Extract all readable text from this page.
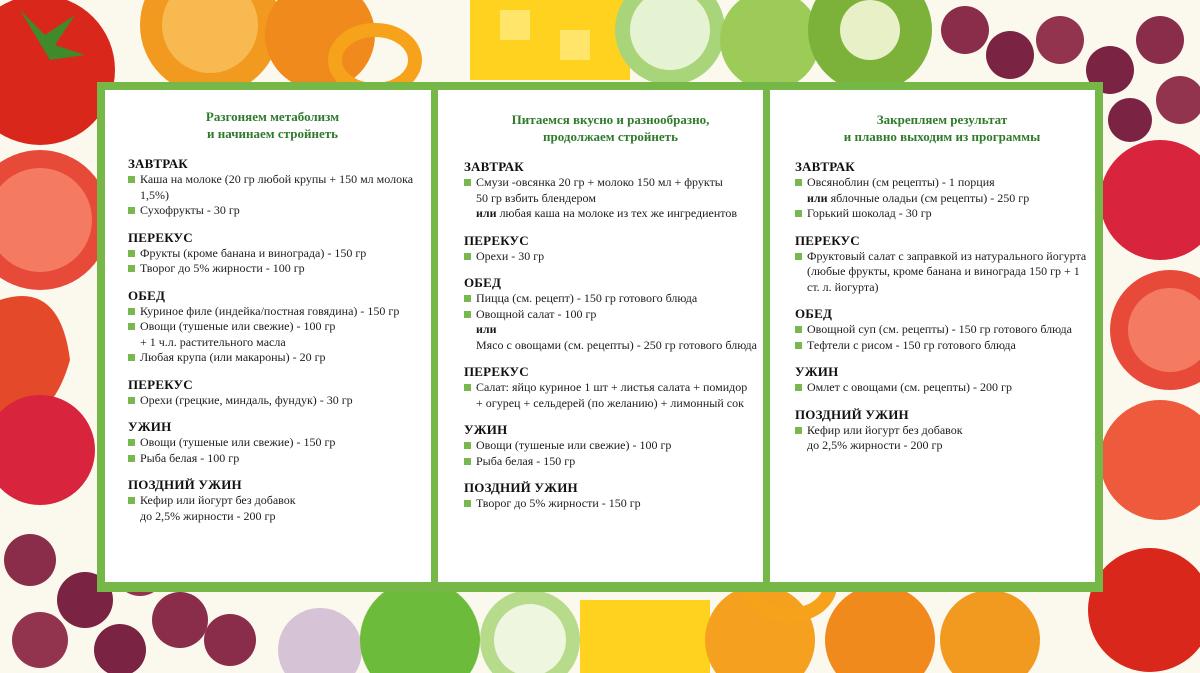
Разгоняем метаболизм
и начинаем стройнеть
ЗАВТРАК
Каша на молоке (20 гр любой крупы + 150 мл молока 1,5%)
Сухофрукты - 30 гр
ПЕРЕКУС
Фрукты (кроме банана и винограда) - 150 гр
Творог до 5% жирности - 100 гр
ОБЕД
Куриное филе (индейка/постная говядина) - 150 гр
Овощи (тушеные или свежие) - 100 гр
+ 1 ч.л. растительного масла
Любая крупа (или макароны) - 20 гр
ПЕРЕКУС
Орехи (грецкие, миндаль, фундук) - 30 гр
УЖИН
Овощи (тушеные или свежие) - 150 гр
Рыба белая - 100 гр
ПОЗДНИЙ УЖИН
Кефир или йогурт без добавок
до 2,5% жирности - 200 гр
Питаемся вкусно и разнообразно,
продолжаем стройнеть
ЗАВТРАК
Смузи -овсянка 20 гр + молоко 150 мл + фрукты
50 гр взбить блендером
или любая каша на молоке из тех же ингредиентов
ПЕРЕКУС
Орехи - 30 гр
ОБЕД
Пицца (см. рецепт) - 150 гр готового блюда
Овощной салат - 100 гр
или
Мясо с овощами (см. рецепты) - 250 гр готового блюда
ПЕРЕКУС
Салат: яйцо куриное 1 шт + листья салата + помидор + огурец + сельдерей (по желанию) + лимонный сок
УЖИН
Овощи (тушеные или свежие) - 100 гр
Рыба белая - 150 гр
ПОЗДНИЙ УЖИН
Творог до 5% жирности - 150 гр
Закрепляем результат
и плавно выходим из программы
ЗАВТРАК
Овсяноблин (см рецепты) - 1 порция
или яблочные оладьи (см рецепты) - 250 гр
Горький шоколад - 30 гр
ПЕРЕКУС
Фруктовый салат с заправкой из натурального йогурта (любые фрукты, кроме банана и винограда 150 гр + 1 ст. л. йогурта)
ОБЕД
Овощной суп (см. рецепты) - 150 гр готового блюда
Тефтели с рисом - 150 гр готового блюда
УЖИН
Омлет с овощами (см. рецепты) - 200 гр
ПОЗДНИЙ УЖИН
Кефир или йогурт без добавок
до 2,5% жирности - 200 гр
